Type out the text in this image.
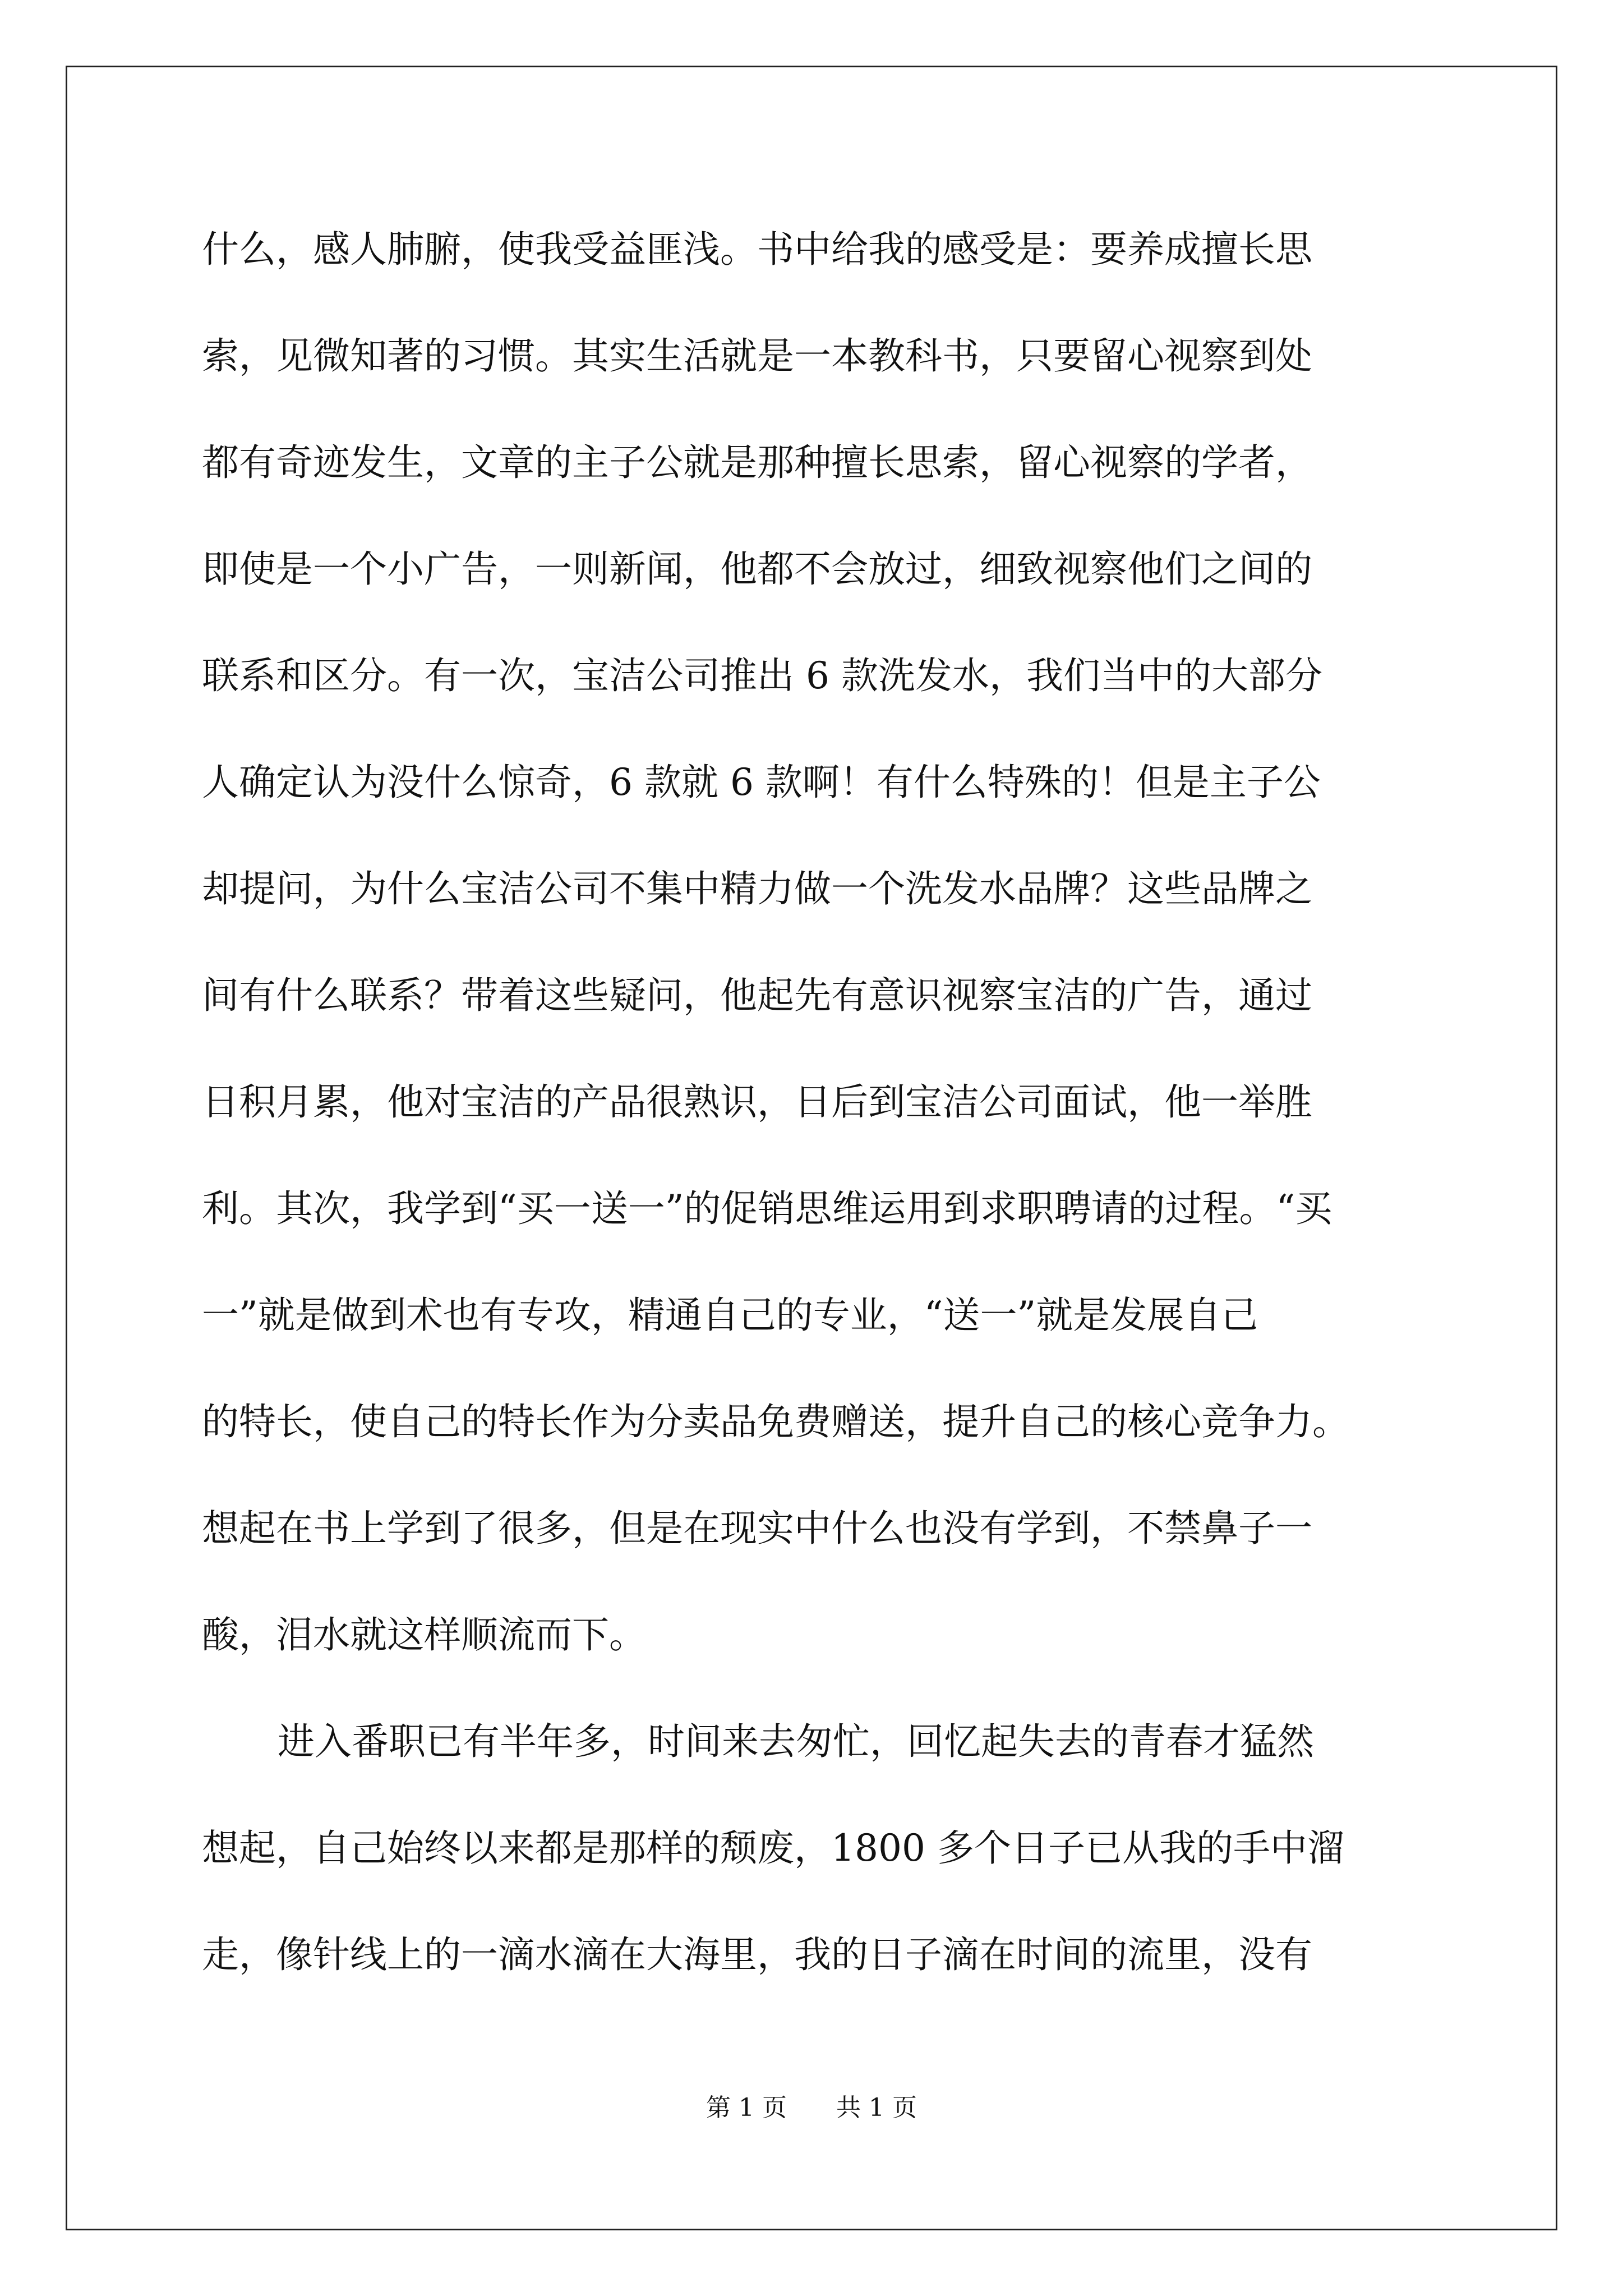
什么，感人肺腑，使我受益匪浅。书中给我的感受是：要养成擅长思
索，见微知著的习惯。其实生活就是一本教科书，只要留心视察到处
都有奇迹发生，文章的主子公就是那种擅长思索，留心视察的学者，
即使是一个小广告，一则新闻，他都不会放过，细致视察他们之间的
联系和区分。有一次，宝洁公司推出 6 款洗发水，我们当中的大部分
人确定认为没什么惊奇，6 款就 6 款啊！有什么特殊的！但是主子公
却提问，为什么宝洁公司不集中精力做一个洗发水品牌？这些品牌之
间有什么联系？带着这些疑问，他起先有意识视察宝洁的广告，通过
日积月累，他对宝洁的产品很熟识，日后到宝洁公司面试，他一举胜
利。其次，我学到“买一送一”的促销思维运用到求职聘请的过程。“买
一”就是做到术也有专攻，精通自己的专业，“送一”就是发展自己
的特长，使自己的特长作为分卖品免费赠送，提升自己的核心竞争力。
想起在书上学到了很多，但是在现实中什么也没有学到，不禁鼻子一
酸，泪水就这样顺流而下。
进入番职已有半年多，时间来去匆忙，回忆起失去的青春才猛然
想起，自己始终以来都是那样的颓废，1800 多个日子已从我的手中溜
走，像针线上的一滴水滴在大海里，我的日子滴在时间的流里，没有
第 1 页 共 1 页
